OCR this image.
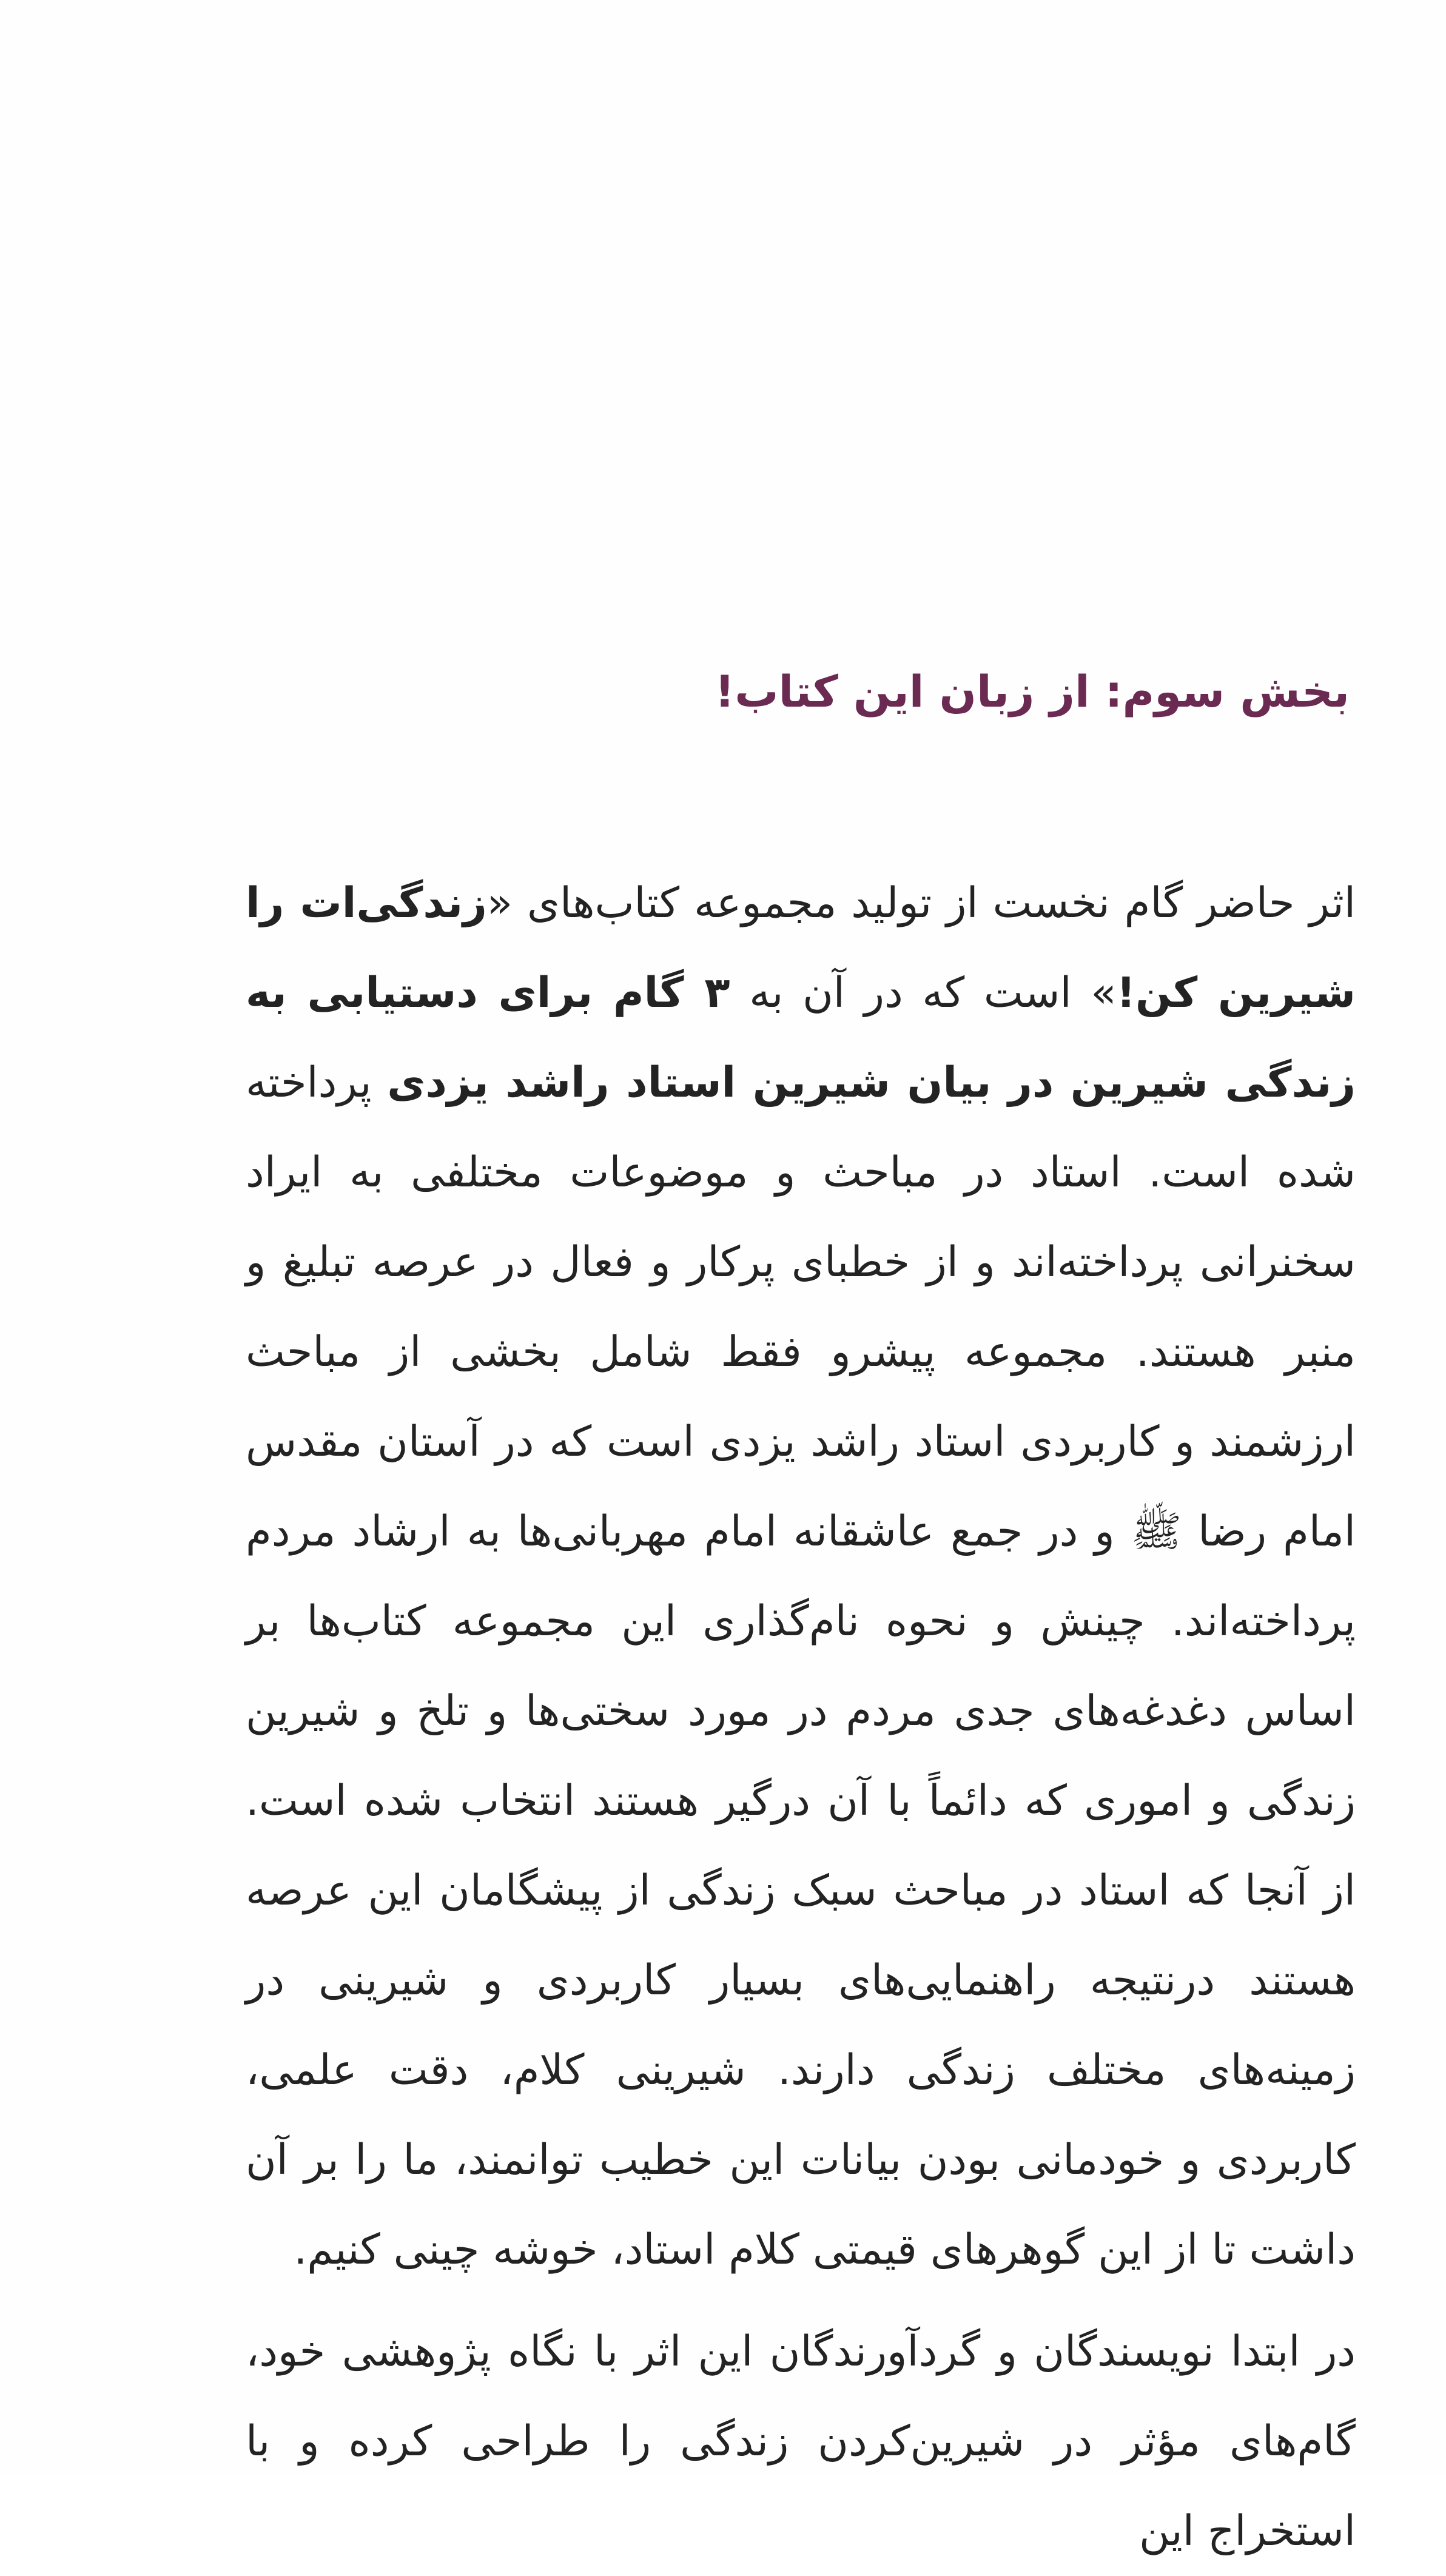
بخش سوم: از زبان این کتاب!

اثر حاضر گام نخست از تولید مجموعه کتاب‌های «زندگی‌ات را شیرین کن!» است که در آن به ۳ گام برای دستیابی به زندگی شیرین در بیان شیرین استاد راشد یزدی پرداخته شده است. استاد در مباحث و موضوعات مختلفی به ایراد سخنرانی پرداخته‌اند و از خطبای پرکار و فعال در عرصه تبلیغ و منبر هستند. مجموعه پیشرو فقط شامل بخشی از مباحث ارزشمند و کاربردی استاد راشد یزدی است که در آستان مقدس امام رضا ﷺ و در جمع عاشقانه امام مهربانی‌ها به ارشاد مردم پرداخته‌اند. چینش و نحوه نام‌گذاری این مجموعه کتاب‌ها بر اساس دغدغه‌های جدی مردم در مورد سختی‌ها و تلخ و شیرین زندگی و اموری که دائماً با آن درگیر هستند انتخاب شده است. از آنجا که استاد در مباحث سبک زندگی از پیشگامان این عرصه هستند درنتیجه راهنمایی‌های بسیار کاربردی و شیرینی در زمینه‌های مختلف زندگی دارند. شیرینی کلام، دقت علمی، کاربردی و خودمانی بودن بیانات این خطیب توانمند، ما را بر آن داشت تا از این گوهرهای قیمتی کلام استاد، خوشه چینی کنیم.

در ابتدا نویسندگان و گردآورندگان این اثر با نگاه پژوهشی خود، گام‌های مؤثر در شیرین‌کردن زندگی را طراحی کرده و با استخراج این
